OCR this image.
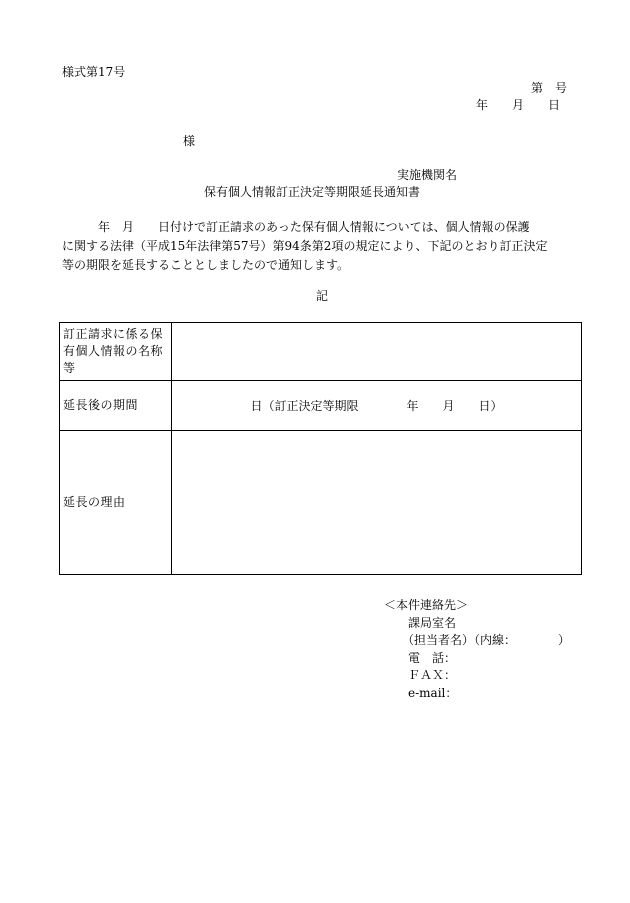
様式第17号
第　号
年　　月　　日
様
実施機関名
保有個人情報訂正決定等期限延長通知書
　　　年　月　　日付けで訂正請求のあった保有個人情報については、個人情報の保護
に関する法律（平成15年法律第57号）第94条第2項の規定により、下記のとおり訂正決定
等の期限を延長することとしましたので通知します。
記
訂正請求に係る保
有個人情報の名称
等	

延長後の期間	日（訂正決定等期限　　　　年　　月　　日）
延長の理由	
＜本件連絡先＞
　　課局室名
　　（担当者名）（内線：　　　　）
　　電　話：
　　ＦＡＸ：
　　e-mail：
